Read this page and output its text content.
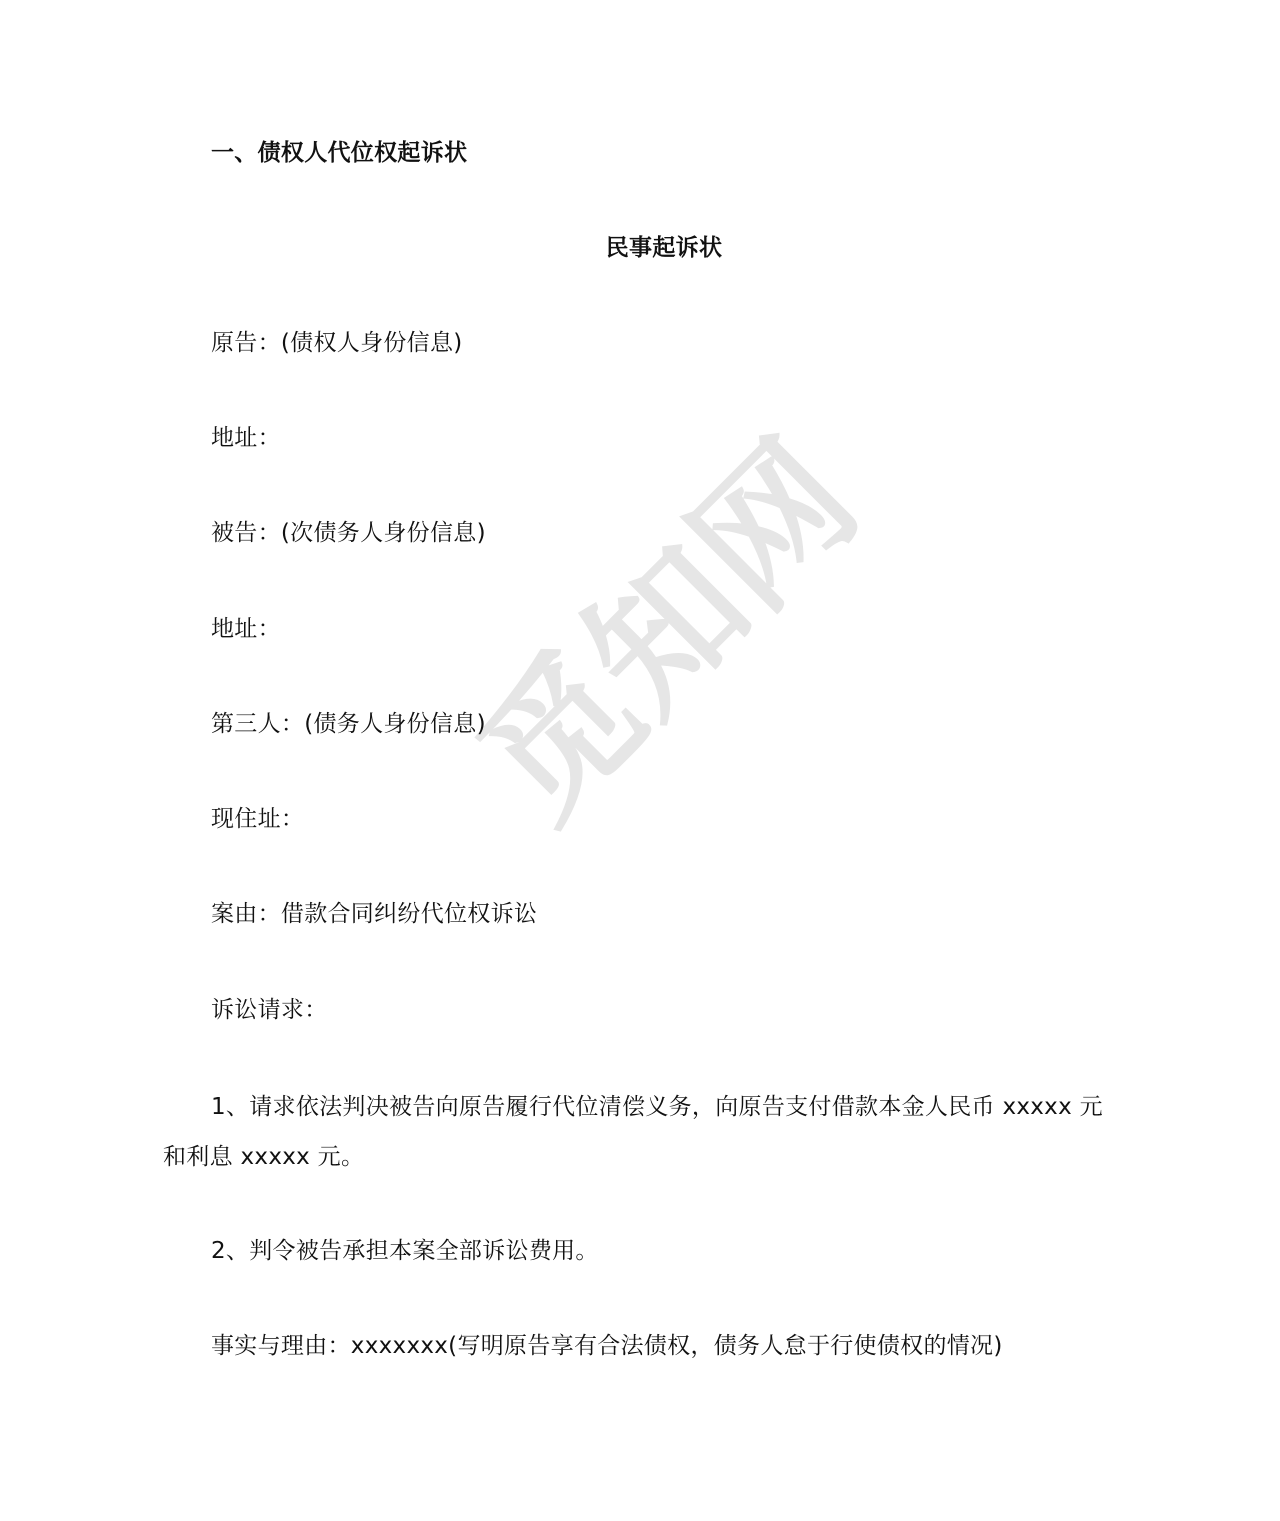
觅知网
一、债权人代位权起诉状
民事起诉状
原告：(债权人身份信息)
地址：
被告：(次债务人身份信息)
地址：
第三人：(债务人身份信息)
现住址：
案由：借款合同纠纷代位权诉讼
诉讼请求：
1、请求依法判决被告向原告履行代位清偿义务，向原告支付借款本金人民币 xxxxx 元和利息 xxxxx 元。
2、判令被告承担本案全部诉讼费用。
事实与理由：xxxxxxx(写明原告享有合法债权，债务人怠于行使债权的情况)
